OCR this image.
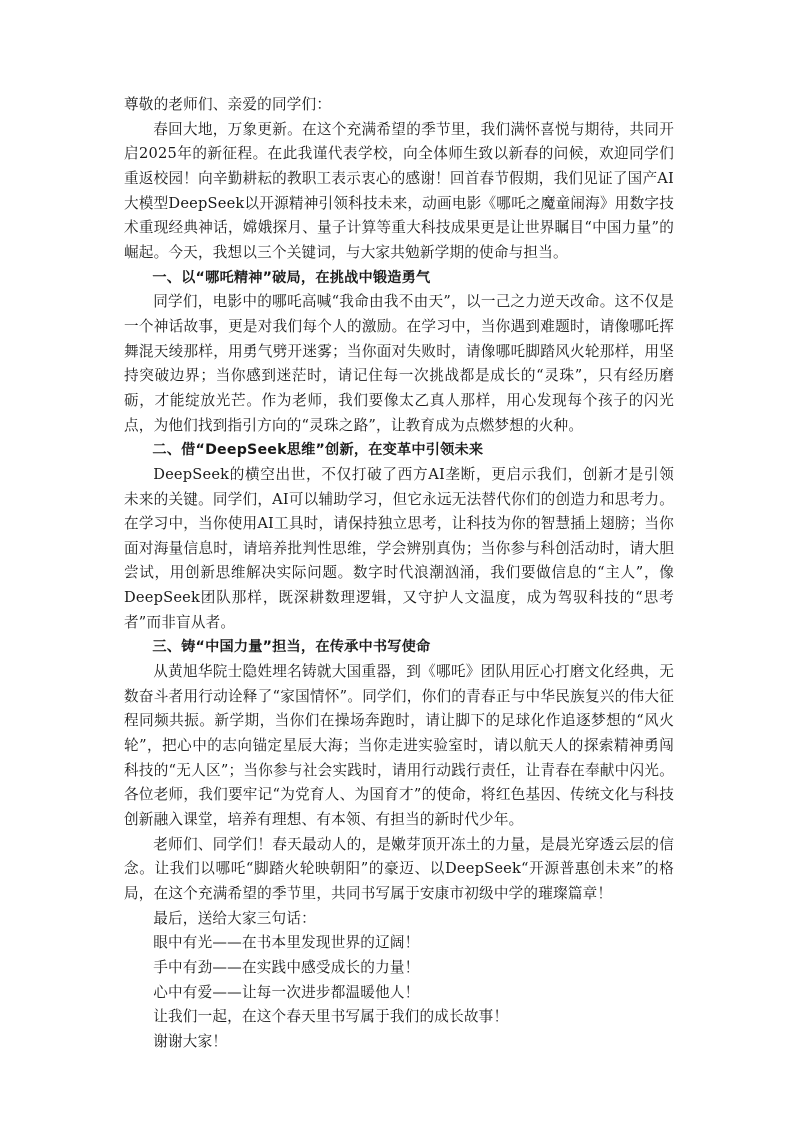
尊敬的老师们、亲爱的同学们：

春回大地，万象更新。在这个充满希望的季节里，我们满怀喜悦与期待，共同开启2025年的新征程。在此我谨代表学校，向全体师生致以新春的问候，欢迎同学们重返校园！向辛勤耕耘的教职工表示衷心的感谢！回首春节假期，我们见证了国产AI大模型DeepSeek以开源精神引领科技未来，动画电影《哪吒之魔童闹海》用数字技术重现经典神话，嫦娥探月、量子计算等重大科技成果更是让世界瞩目“中国力量”的崛起。今天，我想以三个关键词，与大家共勉新学期的使命与担当。

一、以“哪吒精神”破局，在挑战中锻造勇气

同学们，电影中的哪吒高喊“我命由我不由天”，以一己之力逆天改命。这不仅是一个神话故事，更是对我们每个人的激励。在学习中，当你遇到难题时，请像哪吒挥舞混天绫那样，用勇气劈开迷雾；当你面对失败时，请像哪吒脚踏风火轮那样，用坚持突破边界；当你感到迷茫时，请记住每一次挑战都是成长的“灵珠”，只有经历磨砺，才能绽放光芒。作为老师，我们要像太乙真人那样，用心发现每个孩子的闪光点，为他们找到指引方向的“灵珠之路”，让教育成为点燃梦想的火种。

二、借“DeepSeek思维”创新，在变革中引领未来

DeepSeek的横空出世，不仅打破了西方AI垄断，更启示我们，创新才是引领未来的关键。同学们，AI可以辅助学习，但它永远无法替代你们的创造力和思考力。在学习中，当你使用AI工具时，请保持独立思考，让科技为你的智慧插上翅膀；当你面对海量信息时，请培养批判性思维，学会辨别真伪；当你参与科创活动时，请大胆尝试，用创新思维解决实际问题。数字时代浪潮汹涌，我们要做信息的“主人”，像DeepSeek团队那样，既深耕数理逻辑，又守护人文温度，成为驾驭科技的“思考者”而非盲从者。

三、铸“中国力量”担当，在传承中书写使命

从黄旭华院士隐姓埋名铸就大国重器，到《哪吒》团队用匠心打磨文化经典，无数奋斗者用行动诠释了“家国情怀”。同学们，你们的青春正与中华民族复兴的伟大征程同频共振。新学期，当你们在操场奔跑时，请让脚下的足球化作追逐梦想的“风火轮”，把心中的志向锚定星辰大海；当你走进实验室时，请以航天人的探索精神勇闯科技的“无人区”；当你参与社会实践时，请用行动践行责任，让青春在奉献中闪光。各位老师，我们要牢记“为党育人、为国育才”的使命，将红色基因、传统文化与科技创新融入课堂，培养有理想、有本领、有担当的新时代少年。

老师们、同学们！春天最动人的，是嫩芽顶开冻土的力量，是晨光穿透云层的信念。让我们以哪吒“脚踏火轮映朝阳”的豪迈、以DeepSeek“开源普惠创未来”的格局，在这个充满希望的季节里，共同书写属于安康市初级中学的璀璨篇章！

最后，送给大家三句话：

眼中有光——在书本里发现世界的辽阔！

手中有劲——在实践中感受成长的力量！

心中有爱——让每一次进步都温暖他人！

让我们一起，在这个春天里书写属于我们的成长故事！

谢谢大家！
